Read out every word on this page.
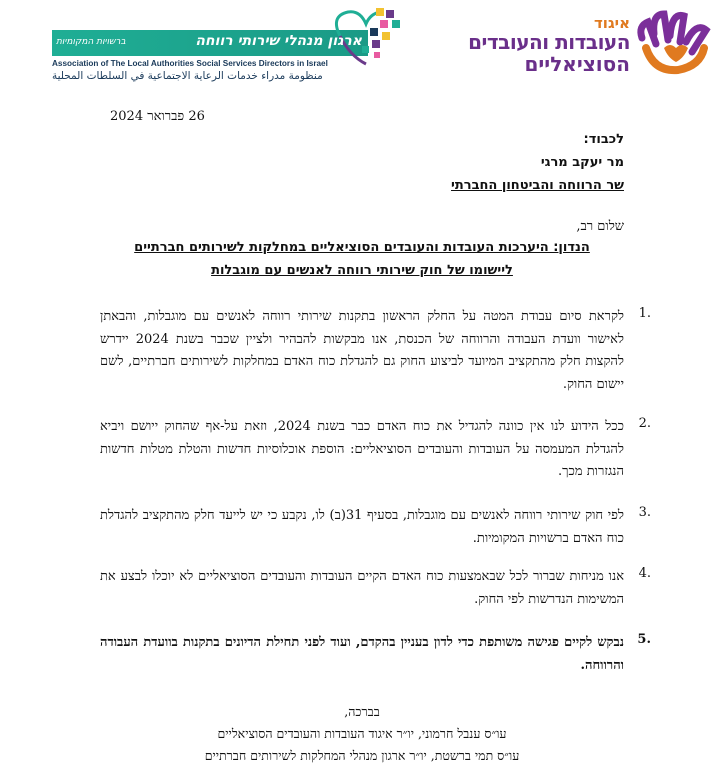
איגוד
העובדות והעובדים
הסוציאליים
ארגון מנהלי שירותי רווחה
ברשויות המקומיות
Association of The Local Authorities Social Services Directors in Israel
منظومة مدراء خدمات الرعاية الاجتماعية في السلطات المحلية
26 פברואר 2024
לכבוד:
מר יעקב מרגי
שר הרווחה והביטחון החברתי
שלום רב,
הנדון: היערכות העובדות והעובדים הסוציאליים במחלקות לשירותים חברתיים
ליישומו של חוק שירותי רווחה לאנשים עם מוגבלות
1.
לקראת סיום עבודת המטה על החלק הראשון בתקנות שירותי רווחה לאנשים עם מוגבלות, והבאתן לאישור וועדת העבודה והרווחה של הכנסת, אנו מבקשות להבהיר ולציין שכבר בשנת 2024 יידרש להקצות חלק מהתקציב המיועד לביצוע החוק גם להגדלת כוח האדם במחלקות לשירותים חברתיים, לשם יישום החוק.
2.
ככל הידוע לנו אין כוונה להגדיל את כוח האדם כבר בשנת 2024, וזאת על-אף שהחוק ייושם ויביא להגדלת המעמסה על העובדות והעובדים הסוציאליים: הוספת אוכלוסיות חדשות והטלת מטלות חדשות הנגזרות מכך.
3.
לפי חוק שירותי רווחה לאנשים עם מוגבלות, בסעיף 31(ב) לו, נקבע כי יש לייעד חלק מהתקציב להגדלת כוח האדם ברשויות המקומיות.
4.
אנו מניחות שברור לכל שבאמצעות כוח האדם הקיים העובדות והעובדים הסוציאליים לא יוכלו לבצע את המשימות הנדרשות לפי החוק.
5.
נבקש לקיים פגישה משותפת כדי לדון בעניין בהקדם, ועוד לפני תחילת הדיונים בתקנות בוועדת העבודה והרווחה.
בברכה,
עו״ס ענבל חרמוני, יו״ר איגוד העובדות והעובדים הסוציאליים
עו״ס תמי ברשטת, יו״ר ארגון מנהלי המחלקות לשירותים חברתיים
